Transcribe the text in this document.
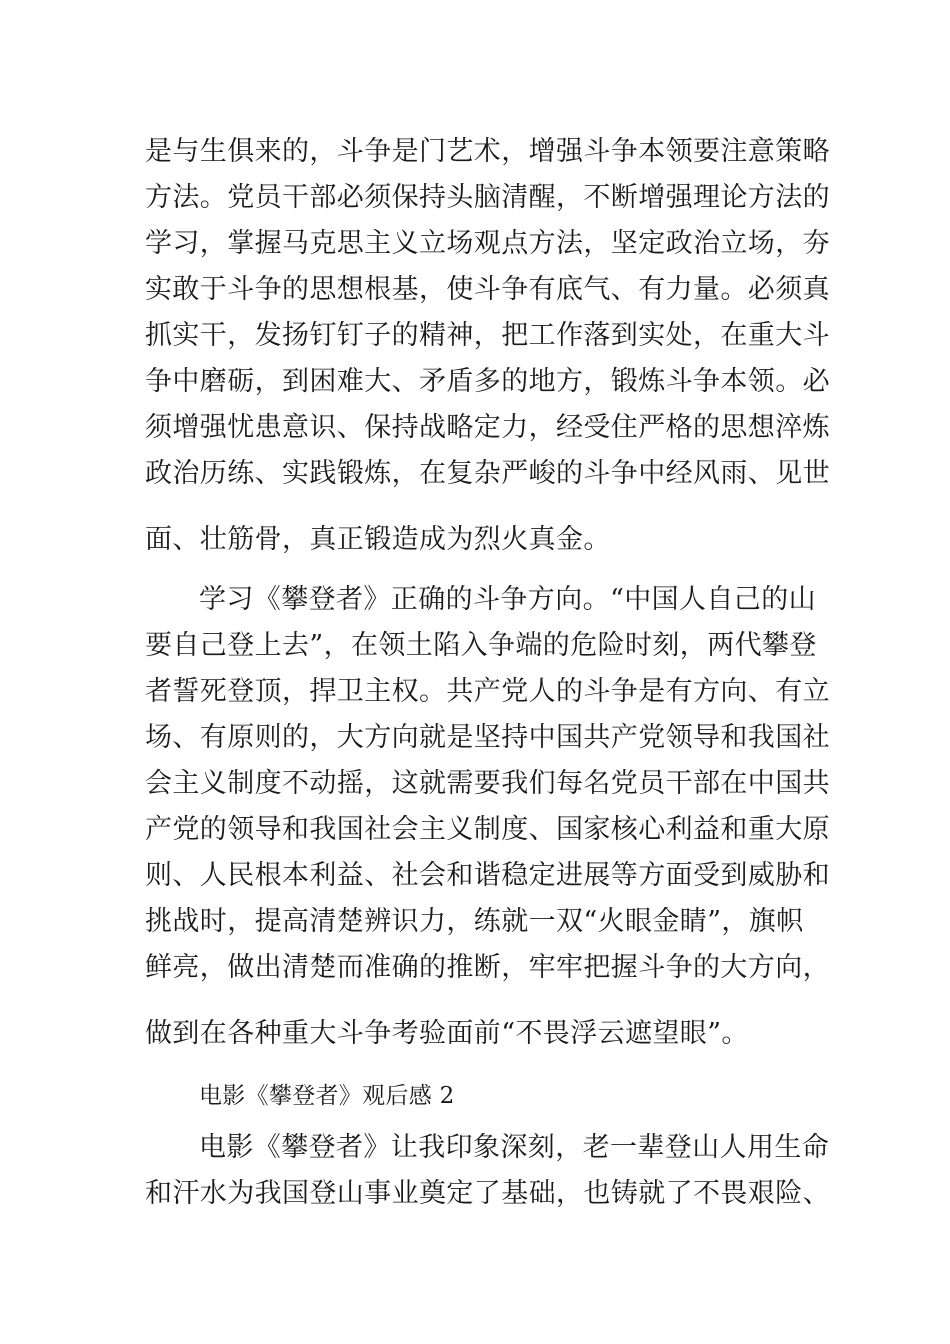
是与生俱来的，斗争是门艺术，增强斗争本领要注意策略
方法。党员干部必须保持头脑清醒，不断增强理论方法的
学习，掌握马克思主义立场观点方法，坚定政治立场，夯
实敢于斗争的思想根基，使斗争有底气、有力量。必须真
抓实干，发扬钉钉子的精神，把工作落到实处，在重大斗
争中磨砺，到困难大、矛盾多的地方，锻炼斗争本领。必
须增强忧患意识、保持战略定力，经受住严格的思想淬炼
政治历练、实践锻炼，在复杂严峻的斗争中经风雨、见世
面、壮筋骨，真正锻造成为烈火真金。
学习《攀登者》正确的斗争方向。“中国人自己的山
要自己登上去”，在领土陷入争端的危险时刻，两代攀登
者誓死登顶，捍卫主权。共产党人的斗争是有方向、有立
场、有原则的，大方向就是坚持中国共产党领导和我国社
会主义制度不动摇，这就需要我们每名党员干部在中国共
产党的领导和我国社会主义制度、国家核心利益和重大原
则、人民根本利益、社会和谐稳定进展等方面受到威胁和
挑战时，提高清楚辨识力，练就一双“火眼金睛”，旗帜
鲜亮，做出清楚而准确的推断，牢牢把握斗争的大方向，
做到在各种重大斗争考验面前“不畏浮云遮望眼”。
电影《攀登者》观后感 2
电影《攀登者》让我印象深刻，老一辈登山人用生命
和汗水为我国登山事业奠定了基础，也铸就了不畏艰险、
